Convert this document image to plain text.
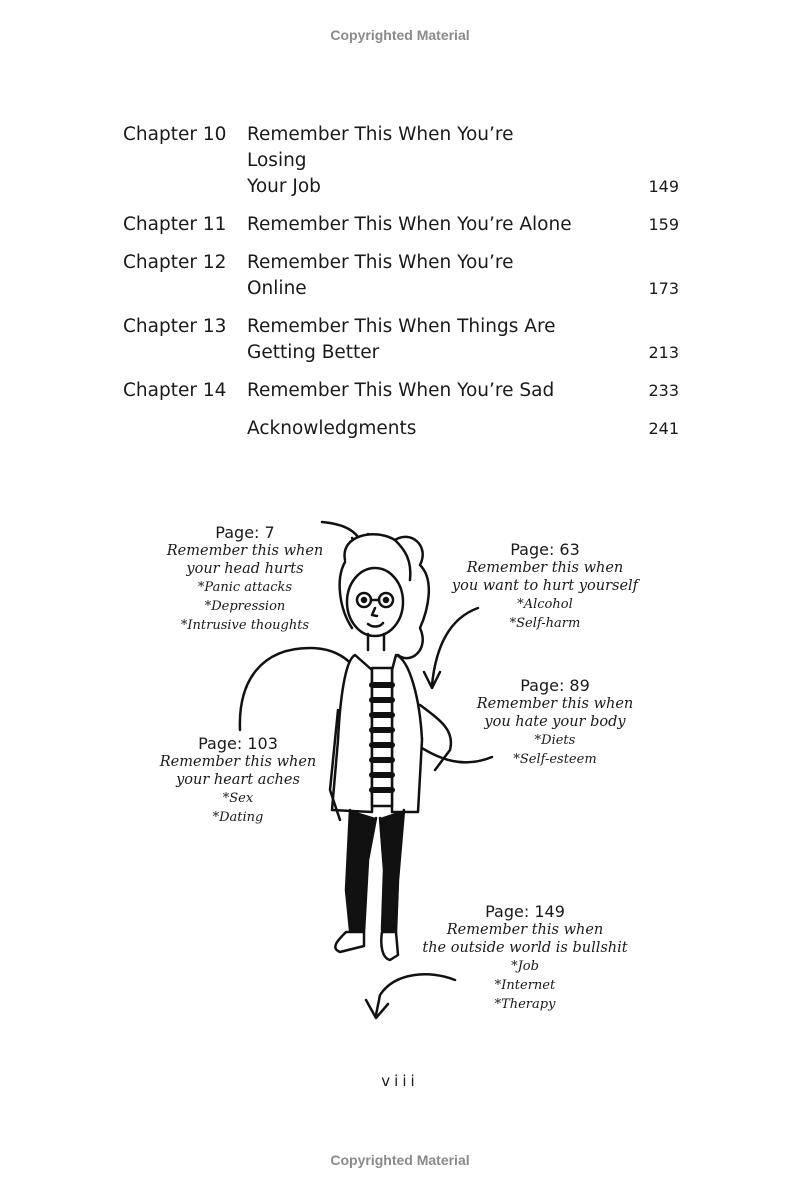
Copyrighted Material
Chapter 10	Remember This When You’re Losing
Your Job	149
Chapter 11	Remember This When You’re Alone	159
Chapter 12	Remember This When You’re Online	173
Chapter 13	Remember This When Things Are
Getting Better	213
Chapter 14	Remember This When You’re Sad	233
Acknowledgments	241
Page: 7
Remember this when
your head hurts
*Panic attacks
*Depression
*Intrusive thoughts
Page: 63
Remember this when
you want to hurt yourself
*Alcohol
*Self-harm
Page: 89
Remember this when
you hate your body
*Diets
*Self-esteem
Page: 103
Remember this when
your heart aches
*Sex
*Dating
Page: 149
Remember this when
the outside world is bullshit
*Job
*Internet
*Therapy
viii
Copyrighted Material
